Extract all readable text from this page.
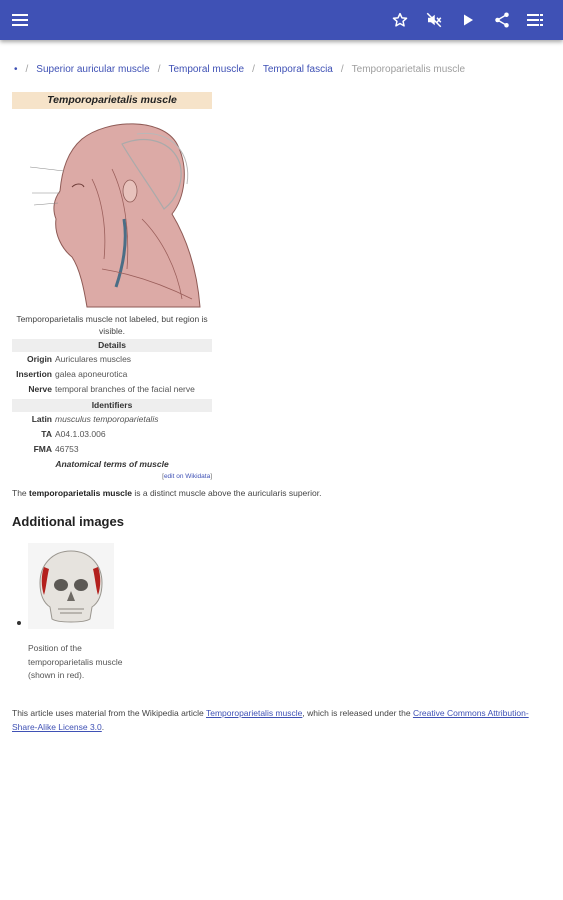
• / Superior auricular muscle / Temporal muscle / Temporal fascia / Temporoparietalis muscle
Temporoparietalis muscle
Temporoparietalis muscle not labeled, but region is visible.
Details
Origin Auriculares muscles
Insertion galea aponeurotica
Nerve temporal branches of the facial nerve
Identifiers
Latin musculus temporoparietalis
TA A04.1.03.006
FMA 46753
Anatomical terms of muscle
[edit on Wikidata]
The temporoparietalis muscle is a distinct muscle above the auricularis superior.
Additional images
Position of the temporoparietalis muscle (shown in red).
This article uses material from the Wikipedia article Temporoparietalis muscle, which is released under the Creative Commons Attribution-Share-Alike License 3.0.
